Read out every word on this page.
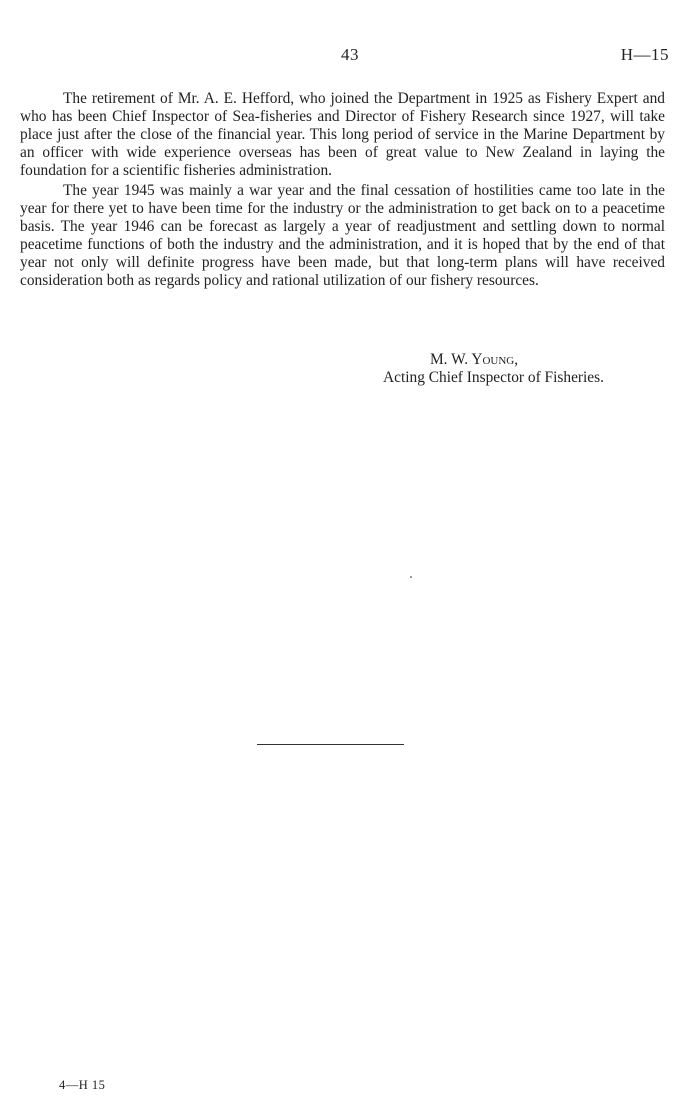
43	H—15

The retirement of Mr. A. E. Hefford, who joined the Department in 1925 as Fishery Expert and who has been Chief Inspector of Sea-fisheries and Director of Fishery Research since 1927, will take place just after the close of the financial year. This long period of service in the Marine Department by an officer with wide experience overseas has been of great value to New Zealand in laying the foundation for a scientific fisheries administration.

The year 1945 was mainly a war year and the final cessation of hostilities came too late in the year for there yet to have been time for the industry or the administration to get back on to a peacetime basis. The year 1946 can be forecast as largely a year of readjustment and settling down to normal peacetime functions of both the industry and the administration, and it is hoped that by the end of that year not only will definite progress have been made, but that long-term plans will have received consideration both as regards policy and rational utilization of our fishery resources.

M. W. Young,
Acting Chief Inspector of Fisheries.
4—H 15
